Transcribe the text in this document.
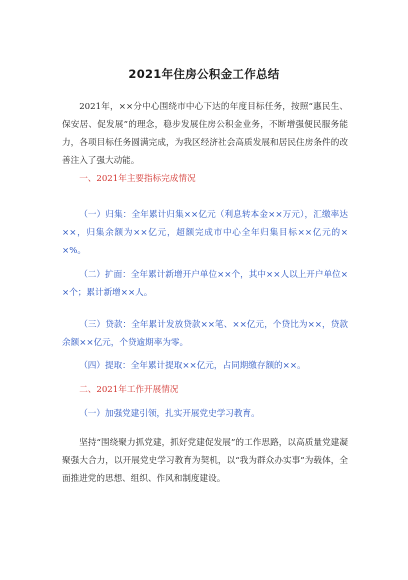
2021年住房公积金工作总结

2021年，××分中心围绕市中心下达的年度目标任务，按照“惠民生、保安居、促发展”的理念，稳步发展住房公积金业务，不断增强便民服务能力，各项目标任务圆满完成，为我区经济社会高质发展和居民住房条件的改善注入了强大动能。

一、2021年主要指标完成情况

（一）归集：全年累计归集××亿元（利息转本金××万元），汇缴率达××，归集余额为××亿元，超额完成市中心全年归集目标××亿元的××%。

（二）扩面：全年累计新增开户单位××个，其中××人以上开户单位××个；累计新增××人。

（三）贷款：全年累计发放贷款××笔、××亿元，个贷比为××，贷款余额××亿元，个贷逾期率为零。

（四）提取：全年累计提取××亿元，占同期缴存额的××。

二、2021年工作开展情况

（一）加强党建引领，扎实开展党史学习教育。

坚持“围绕聚力抓党建，抓好党建促发展”的工作思路，以高质量党建凝聚强大合力，以开展党史学习教育为契机，以“我为群众办实事”为载体，全面推进党的思想、组织、作风和制度建设。
